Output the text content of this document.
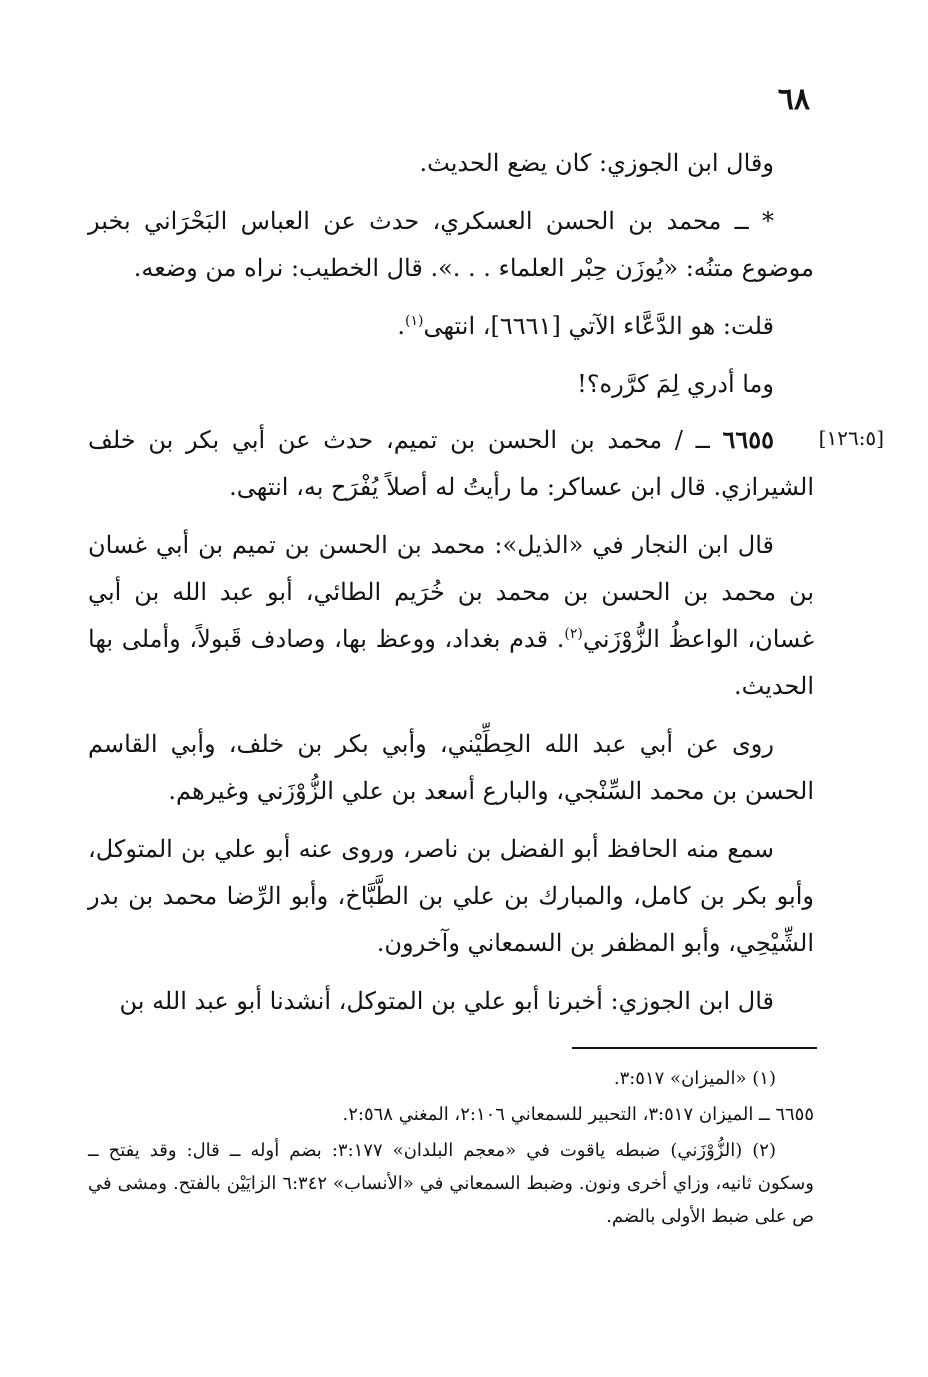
٦٨

وقال ابن الجوزي: كان يضع الحديث.

* ــ محمد بن الحسن العسكري، حدث عن العباس البَحْرَاني بخبر موضوع متنُه: «يُوزَن حِبْر العلماء . . .». قال الخطيب: نراه من وضعه.

قلت: هو الدَّعَّاء الآتي [٦٦٦١]، انتهى$^{(١)}$.

وما أدري لِمَ كرَّره؟!

[١٢٦:٥]

٦٦٥٥ ــ / محمد بن الحسن بن تميم، حدث عن أبي بكر بن خلف الشيرازي. قال ابن عساكر: ما رأيتُ له أصلاً يُفْرَح به، انتهى.

قال ابن النجار في «الذيل»: محمد بن الحسن بن تميم بن أبي غسان بن محمد بن الحسن بن محمد بن خُرَيم الطائي، أبو عبد الله بن أبي غسان، الواعظُ الزُّوْزَني$^{(٢)}$. قدم بغداد، ووعظ بها، وصادف قَبولاً، وأملى بها الحديث.

روى عن أبي عبد الله الحِطِّيْني، وأبي بكر بن خلف، وأبي القاسم الحسن بن محمد السِّنْجي، والبارع أسعد بن علي الزُّوْزَني وغيرهم.

سمع منه الحافظ أبو الفضل بن ناصر، وروى عنه أبو علي بن المتوكل، وأبو بكر بن كامل، والمبارك بن علي بن الطَّبَّاخ، وأبو الرِّضا محمد بن بدر الشِّيْحِي، وأبو المظفر بن السمعاني وآخرون.

قال ابن الجوزي: أخبرنا أبو علي بن المتوكل، أنشدنا أبو عبد الله بن

(١) «الميزان» ٣:٥١٧.

٦٦٥٥ ــ الميزان ٣:٥١٧، التحبير للسمعاني ٢:١٠٦، المغني ٢:٥٦٨.

(٢) (الزُّوْزَني) ضبطه ياقوت في «معجم البلدان» ٣:١٧٧: بضم أوله ــ قال: وقد يفتح ــ وسكون ثانيه، وزاي أخرى ونون. وضبط السمعاني في «الأنساب» ٦:٣٤٢ الزايَيْن بالفتح. ومشى في ص على ضبط الأولى بالضم.
